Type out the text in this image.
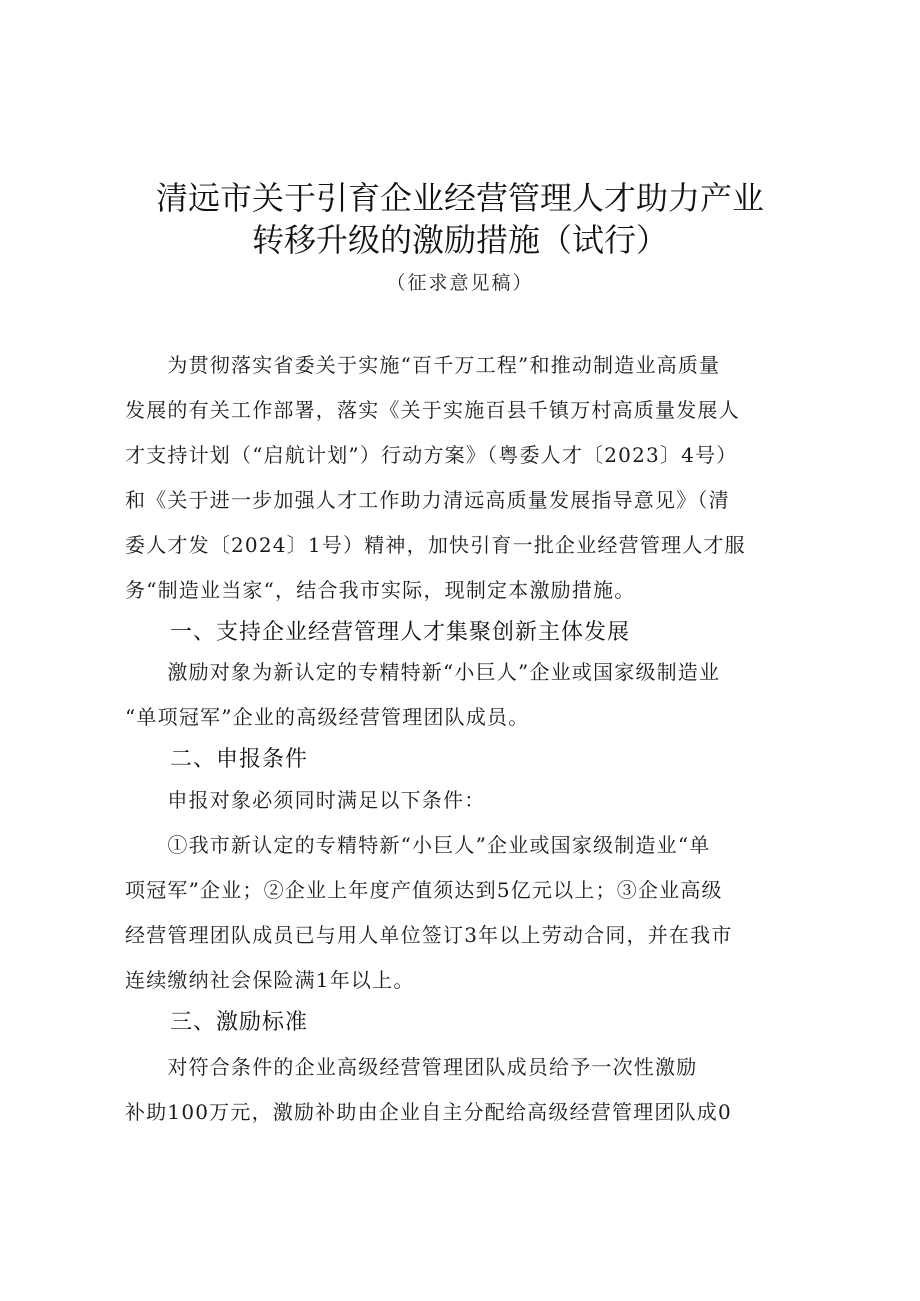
清远市关于引育企业经营管理人才助力产业
转移升级的激励措施（试行）
（征求意见稿）
　　为贯彻落实省委关于实施“百千万工程”和推动制造业高质量
发展的有关工作部署，落实《关于实施百县千镇万村高质量发展人
才支持计划（“启航计划”）行动方案》（粤委人才〔2023〕4号）
和《关于进一步加强人才工作助力清远高质量发展指导意见》（清
委人才发〔2024〕1号）精神，加快引育一批企业经营管理人才服
务“制造业当家“，结合我市实际，现制定本激励措施。
一、支持企业经营管理人才集聚创新主体发展
　　激励对象为新认定的专精特新“小巨人”企业或国家级制造业
“单项冠军”企业的高级经营管理团队成员。
二、申报条件
　　申报对象必须同时满足以下条件：
　　①我市新认定的专精特新“小巨人”企业或国家级制造业“单
项冠军”企业；②企业上年度产值须达到5亿元以上；③企业高级
经营管理团队成员已与用人单位签订3年以上劳动合同，并在我市
连续缴纳社会保险满1年以上。
三、激励标准
　　对符合条件的企业高级经营管理团队成员给予一次性激励
补助100万元，激励补助由企业自主分配给高级经营管理团队成0
